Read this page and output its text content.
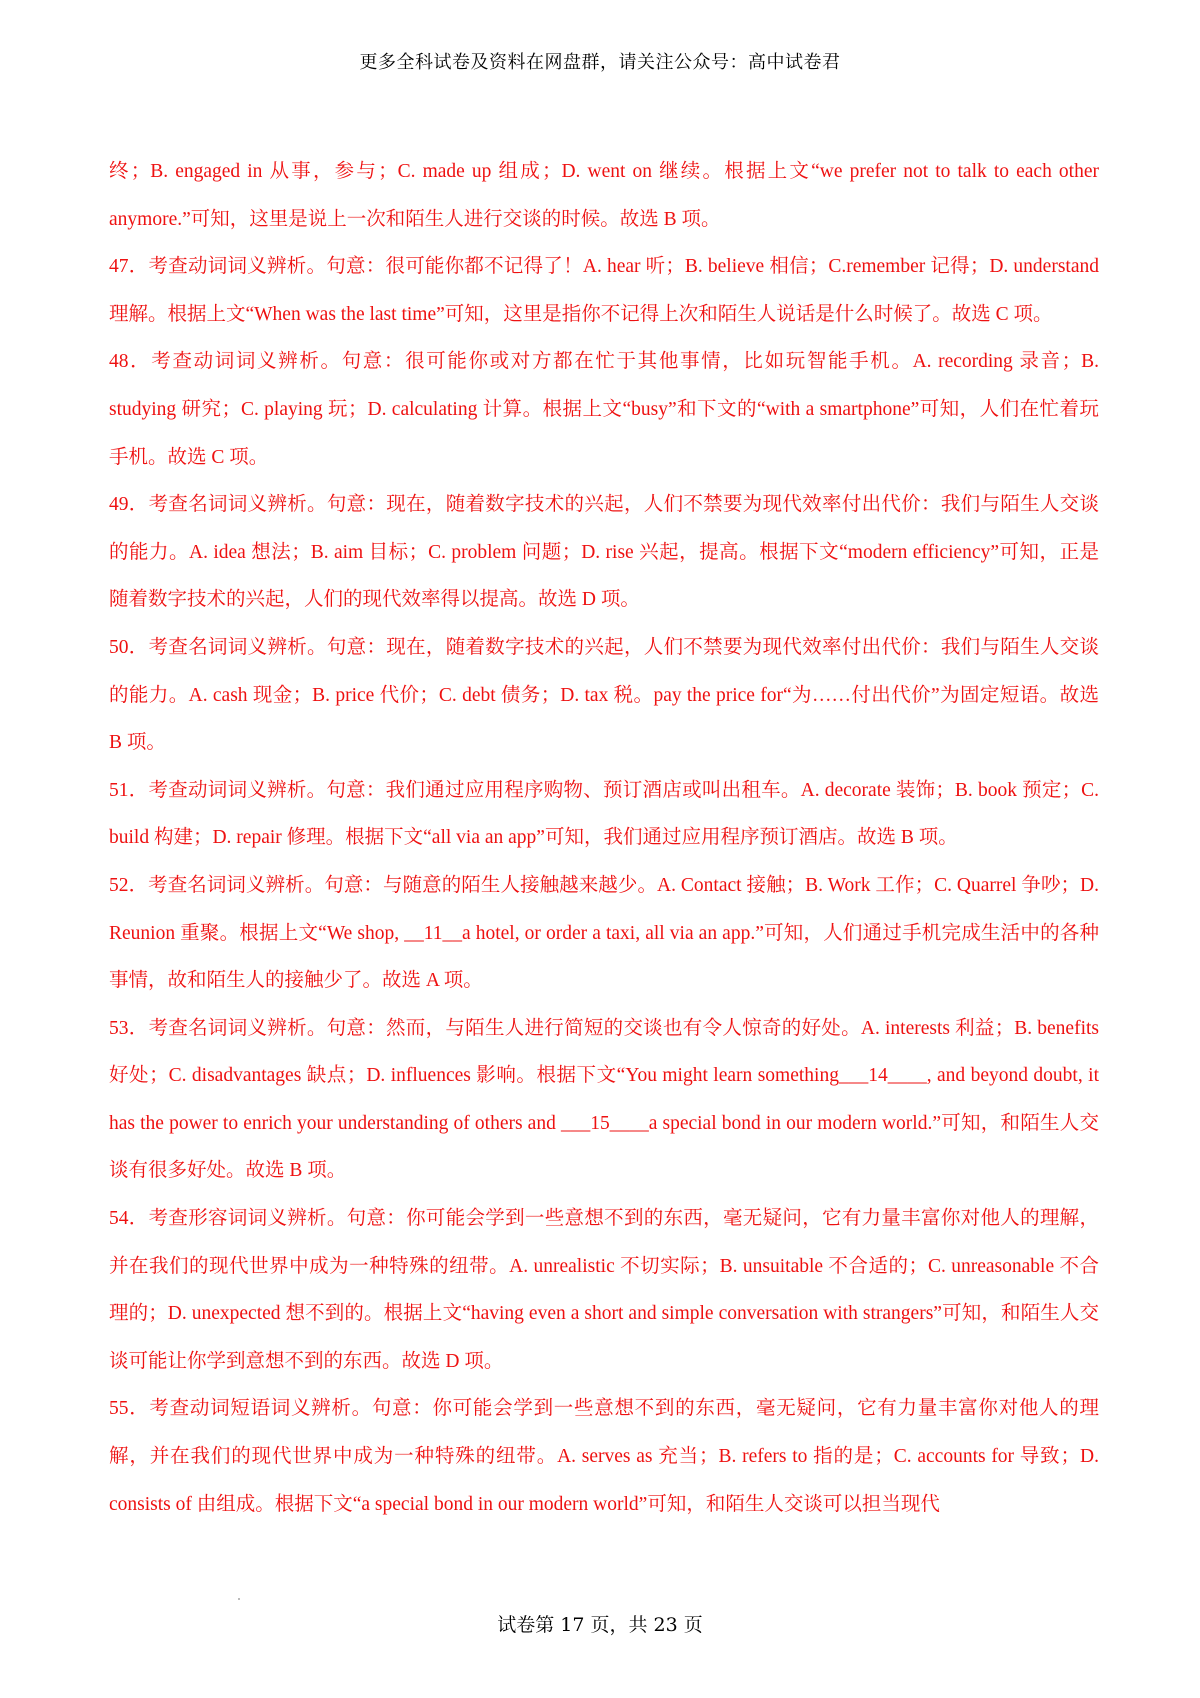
更多全科试卷及资料在网盘群，请关注公众号：高中试卷君

终；B. engaged in 从事，参与；C. made up 组成；D. went on 继续。根据上文“we prefer not to talk to each other anymore.”可知，这里是说上一次和陌生人进行交谈的时候。故选 B 项。

47．考查动词词义辨析。句意：很可能你都不记得了！A. hear 听；B. believe 相信；C.remember 记得；D. understand 理解。根据上文“When was the last time”可知，这里是指你不记得上次和陌生人说话是什么时候了。故选 C 项。

48．考查动词词义辨析。句意：很可能你或对方都在忙于其他事情，比如玩智能手机。A. recording 录音；B. studying 研究；C. playing 玩；D. calculating 计算。根据上文“busy”和下文的“with a smartphone”可知，人们在忙着玩手机。故选 C 项。

49．考查名词词义辨析。句意：现在，随着数字技术的兴起，人们不禁要为现代效率付出代价：我们与陌生人交谈的能力。A. idea 想法；B. aim 目标；C. problem 问题；D. rise 兴起，提高。根据下文“modern efficiency”可知，正是随着数字技术的兴起，人们的现代效率得以提高。故选 D 项。

50．考查名词词义辨析。句意：现在，随着数字技术的兴起，人们不禁要为现代效率付出代价：我们与陌生人交谈的能力。A. cash 现金；B. price 代价；C. debt 债务；D. tax 税。pay the price for“为……付出代价”为固定短语。故选 B 项。

51．考查动词词义辨析。句意：我们通过应用程序购物、预订酒店或叫出租车。A. decorate 装饰；B. book 预定；C. build 构建；D. repair 修理。根据下文“all via an app”可知，我们通过应用程序预订酒店。故选 B 项。

52．考查名词词义辨析。句意：与随意的陌生人接触越来越少。A. Contact 接触；B. Work 工作；C. Quarrel 争吵；D. Reunion 重聚。根据上文“We shop, __11__a hotel, or order a taxi, all via an app.”可知，人们通过手机完成生活中的各种事情，故和陌生人的接触少了。故选 A 项。

53．考查名词词义辨析。句意：然而，与陌生人进行简短的交谈也有令人惊奇的好处。A. interests 利益；B. benefits 好处；C. disadvantages 缺点；D. influences 影响。根据下文“You might learn something___14____, and beyond doubt, it has the power to enrich your understanding of others and ___15____a special bond in our modern world.”可知，和陌生人交谈有很多好处。故选 B 项。

54．考查形容词词义辨析。句意：你可能会学到一些意想不到的东西，毫无疑问，它有力量丰富你对他人的理解，并在我们的现代世界中成为一种特殊的纽带。A. unrealistic 不切实际；B. unsuitable 不合适的；C. unreasonable 不合理的；D. unexpected 想不到的。根据上文“having even a short and simple conversation with strangers”可知，和陌生人交谈可能让你学到意想不到的东西。故选 D 项。

55．考查动词短语词义辨析。句意：你可能会学到一些意想不到的东西，毫无疑问，它有力量丰富你对他人的理解，并在我们的现代世界中成为一种特殊的纽带。A. serves as 充当；B. refers to 指的是；C. accounts for 导致；D. consists of 由组成。根据下文“a special bond in our modern world”可知，和陌生人交谈可以担当现代

试卷第 17 页，共 23 页
